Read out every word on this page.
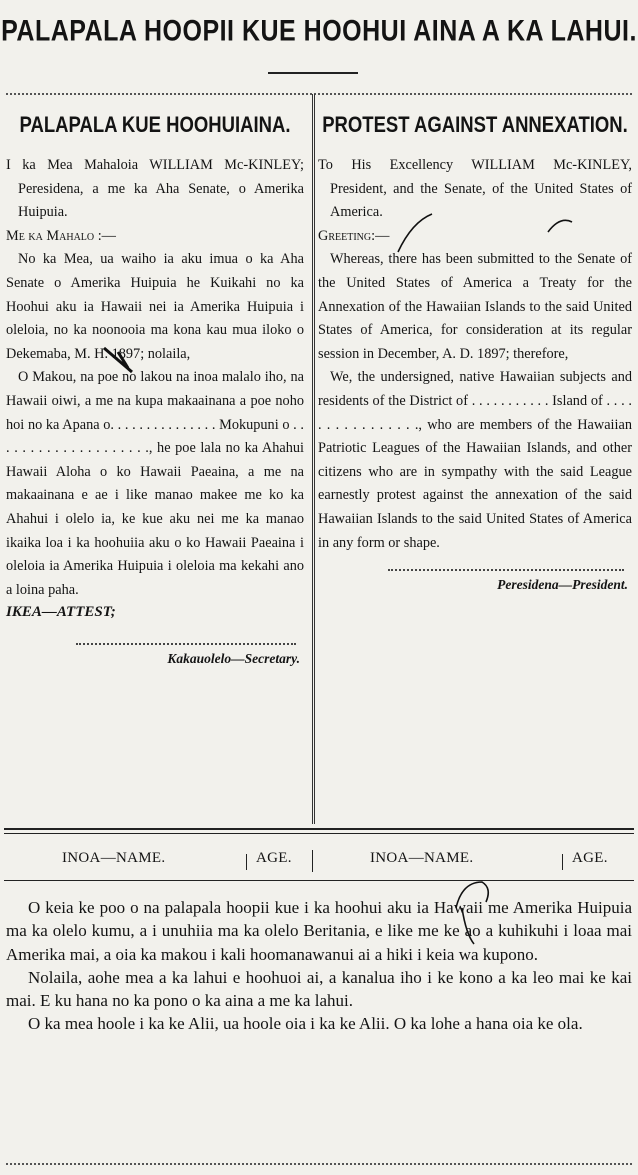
PALAPALA HOOPII KUE HOOHUI AINA A KA LAHUI.
PALAPALA KUE HOOHUIAINA.

I ka Mea Mahaloia WILLIAM Mc-KINLEY; Peresidena, a me ka Aha Senate, o Amerika Huipuia.

Me ka Mahalo :—

No ka Mea, ua waiho ia aku imua o ka Aha Senate o Amerika Huipuia he Kuikahi no ka Hoohui aku ia Hawaii nei ia Amerika Huipuia i oleloia, no ka noonooia ma kona kau mua iloko o Dekemaba, M. H. 1897; nolaila,

O Makou, na poe no lakou na inoa malalo iho, na Hawaii oiwi, a me na kupa makaainana a poe noho hoi no ka Apana o. . . . . . . . . . . . . . . Mokupuni o . . . . . . . . . . . . . . . . . . . ., he poe lala no ka Ahahui Hawaii Aloha o ko Hawaii Paeaina, a me na makaainana e ae i like manao makee me ko ka Ahahui i olelo ia, ke kue aku nei me ka manao ikaika loa i ka hoohuiia aku o ko Hawaii Paeaina i oleloia ia Amerika Huipuia i oleloia ma kekahi ano a loina paha.

IKEA—ATTEST;
Kakauolelo—Secretary.
PROTEST AGAINST ANNEXATION.

To His Excellency WILLIAM Mc-KINLEY, President, and the Senate, of the United States of America.

Greeting:—

Whereas, there has been submitted to the Senate of the United States of America a Treaty for the Annexation of the Hawaiian Islands to the said United States of America, for consideration at its regular session in December, A. D. 1897; therefore,

We, the undersigned, native Hawaiian subjects and residents of the District of . . . . . . . . . . . Island of . . . . . . . . . . . . . . . ., who are members of the Hawaiian Patriotic Leagues of the Hawaiian Islands, and other citizens who are in sympathy with the said League earnestly protest against the annexation of the said Hawaiian Islands to the said United States of America in any form or shape.

Peresidena—President.
INOA—NAME.	AGE.	INOA—NAME.	AGE.

O keia ke poo o na palapala hoopii kue i ka hoohui aku ia Hawaii me Amerika Huipuia ma ka olelo kumu, a i unuhiia ma ka olelo Beritania, e like me ke ao a kuhikuhi i loaa mai Amerika mai, a oia ka makou i kali hoomanawanui ai a hiki i keia wa kupono.

Nolaila, aohe mea a ka lahui e hoohuoi ai, a kanalua iho i ke kono a ka leo mai ke kai mai. E ku hana no ka pono o ka aina a me ka lahui.

O ka mea hoole i ka ke Alii, ua hoole oia i ka ke Alii. O ka lohe a hana oia ke ola.
